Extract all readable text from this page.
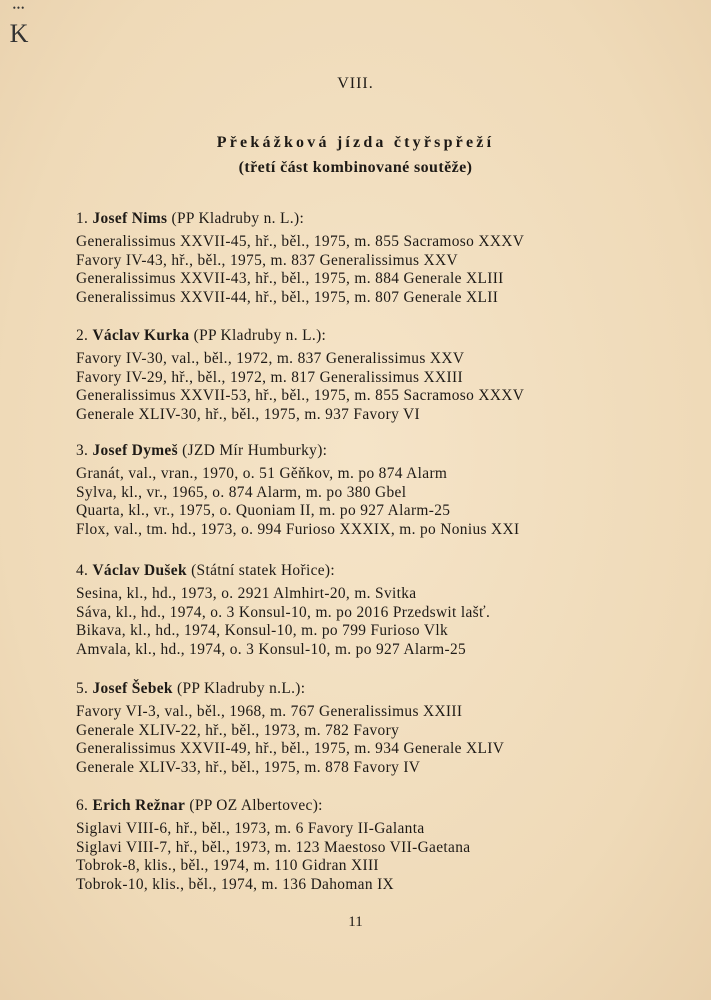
•••
K
VIII.
Překážková jízda čtyřspřeží
(třetí část kombinované soutěže)
1. Josef Nims (PP Kladruby n. L.):
Generalissimus XXVII-45, hř., běl., 1975, m. 855 Sacramoso XXXV
Favory IV-43, hř., běl., 1975, m. 837 Generalissimus XXV
Generalissimus XXVII-43, hř., běl., 1975, m. 884 Generale XLIII
Generalissimus XXVII-44, hř., běl., 1975, m. 807 Generale XLII
2. Václav Kurka (PP Kladruby n. L.):
Favory IV-30, val., běl., 1972, m. 837 Generalissimus XXV
Favory IV-29, hř., běl., 1972, m. 817 Generalissimus XXIII
Generalissimus XXVII-53, hř., běl., 1975, m. 855 Sacramoso XXXV
Generale XLIV-30, hř., běl., 1975, m. 937 Favory VI
3. Josef Dymeš (JZD Mír Humburky):
Granát, val., vran., 1970, o. 51 Gěňkov, m. po 874 Alarm
Sylva, kl., vr., 1965, o. 874 Alarm, m. po 380 Gbel
Quarta, kl., vr., 1975, o. Quoniam II, m. po 927 Alarm-25
Flox, val., tm. hd., 1973, o. 994 Furioso XXXIX, m. po Nonius XXI
4. Václav Dušek (Státní statek Hořice):
Sesina, kl., hd., 1973, o. 2921 Almhirt-20, m. Svitka
Sáva, kl., hd., 1974, o. 3 Konsul-10, m. po 2016 Przedswit lašť.
Bikava, kl., hd., 1974, Konsul-10, m. po 799 Furioso Vlk
Amvala, kl., hd., 1974, o. 3 Konsul-10, m. po 927 Alarm-25
5. Josef Šebek (PP Kladruby n.L.):
Favory VI-3, val., běl., 1968, m. 767 Generalissimus XXIII
Generale XLIV-22, hř., běl., 1973, m. 782 Favory
Generalissimus XXVII-49, hř., běl., 1975, m. 934 Generale XLIV
Generale XLIV-33, hř., běl., 1975, m. 878 Favory IV
6. Erich Režnar (PP OZ Albertovec):
Siglavi VIII-6, hř., běl., 1973, m. 6 Favory II-Galanta
Siglavi VIII-7, hř., běl., 1973, m. 123 Maestoso VII-Gaetana
Tobrok-8, klis., běl., 1974, m. 110 Gidran XIII
Tobrok-10, klis., běl., 1974, m. 136 Dahoman IX
11
